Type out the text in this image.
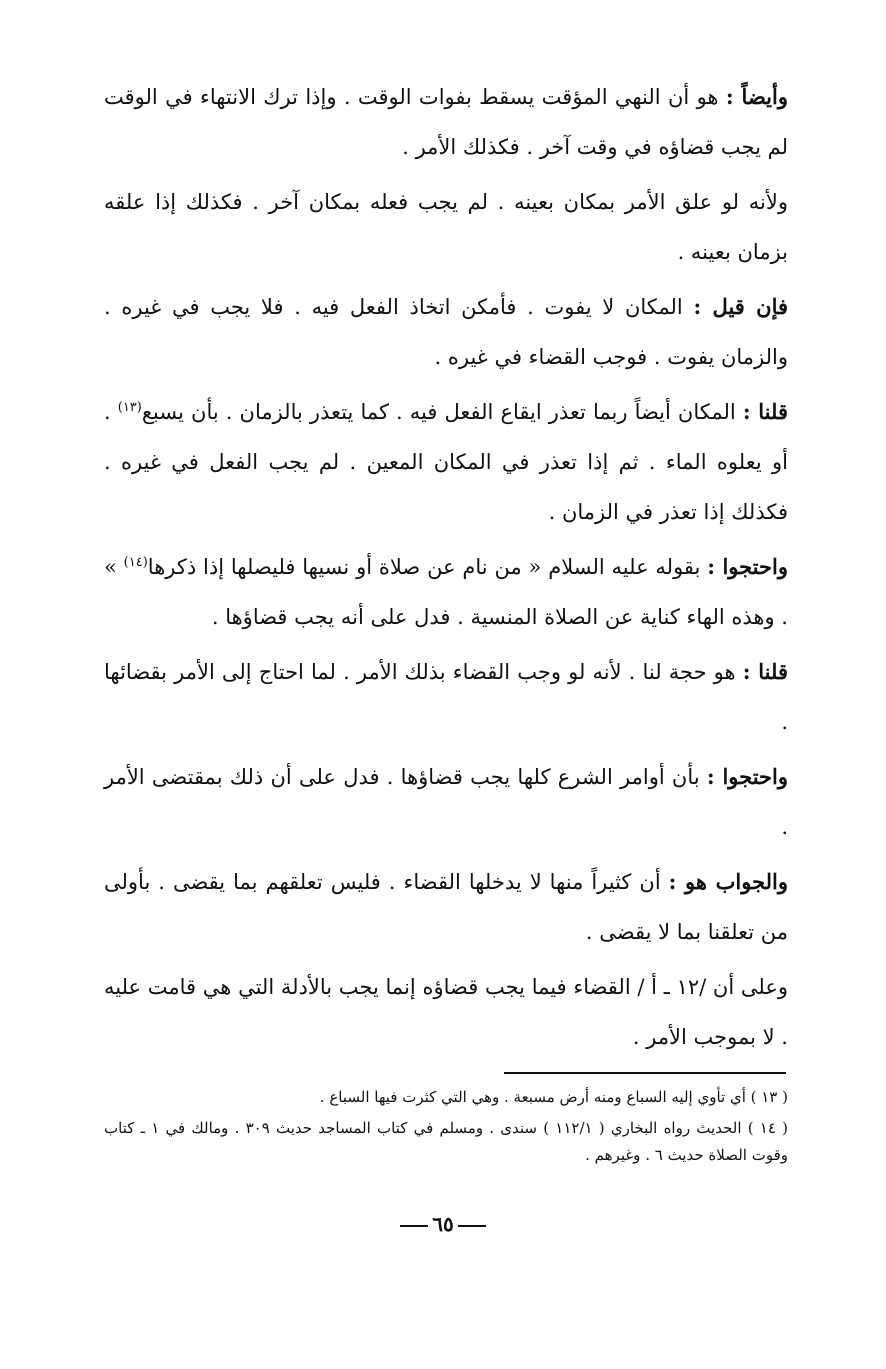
وأيضاً : هو أن النهي المؤقت يسقط بفوات الوقت . وإذا ترك الانتهاء في الوقت لم يجب قضاؤه في وقت آخر . فكذلك الأمر .

ولأنه لو علق الأمر بمكان بعينه . لم يجب فعله بمكان آخر . فكذلك إذا علقه بزمان بعينه .

فإن قيل : المكان لا يفوت . فأمكن اتخاذ الفعل فيه . فلا يجب في غيره . والزمان يفوت . فوجب القضاء في غيره .

قلنا : المكان أيضاً ربما تعذر ايقاع الفعل فيه . كما يتعذر بالزمان . بأن يسبع$^{(١٣)}$ . أو يعلوه الماء . ثم إذا تعذر في المكان المعين . لم يجب الفعل في غيره . فكذلك إذا تعذر في الزمان .

واحتجوا : بقوله عليه السلام « من نام عن صلاة أو نسيها فليصلها إذا ذكرها$^{(١٤)}$ » . وهذه الهاء كناية عن الصلاة المنسية . فدل على أنه يجب قضاؤها .

قلنا : هو حجة لنا . لأنه لو وجب القضاء بذلك الأمر . لما احتاج إلى الأمر بقضائها .

واحتجوا : بأن أوامر الشرع كلها يجب قضاؤها . فدل على أن ذلك بمقتضى الأمر .

والجواب هو : أن كثيراً منها لا يدخلها القضاء . فليس تعلقهم بما يقضى . بأولى من تعلقنا بما لا يقضى .

وعلى أن /١٢ ـ أ / القضاء فيما يجب قضاؤه إنما يجب بالأدلة التي هي قامت عليه . لا بموجب الأمر .

( ١٣ ) أي تأوي إليه السباع ومنه أرض مسبعة . وهي التي كثرت فيها السباع .

( ١٤ ) الحديث رواه البخاري ( ١١٢/١ ) سندى . ومسلم في كتاب المساجد حديث ٣٠٩ . ومالك في ١ ـ كتاب وقوت الصلاة حديث ٦ . وغيرهم .

٦٥
